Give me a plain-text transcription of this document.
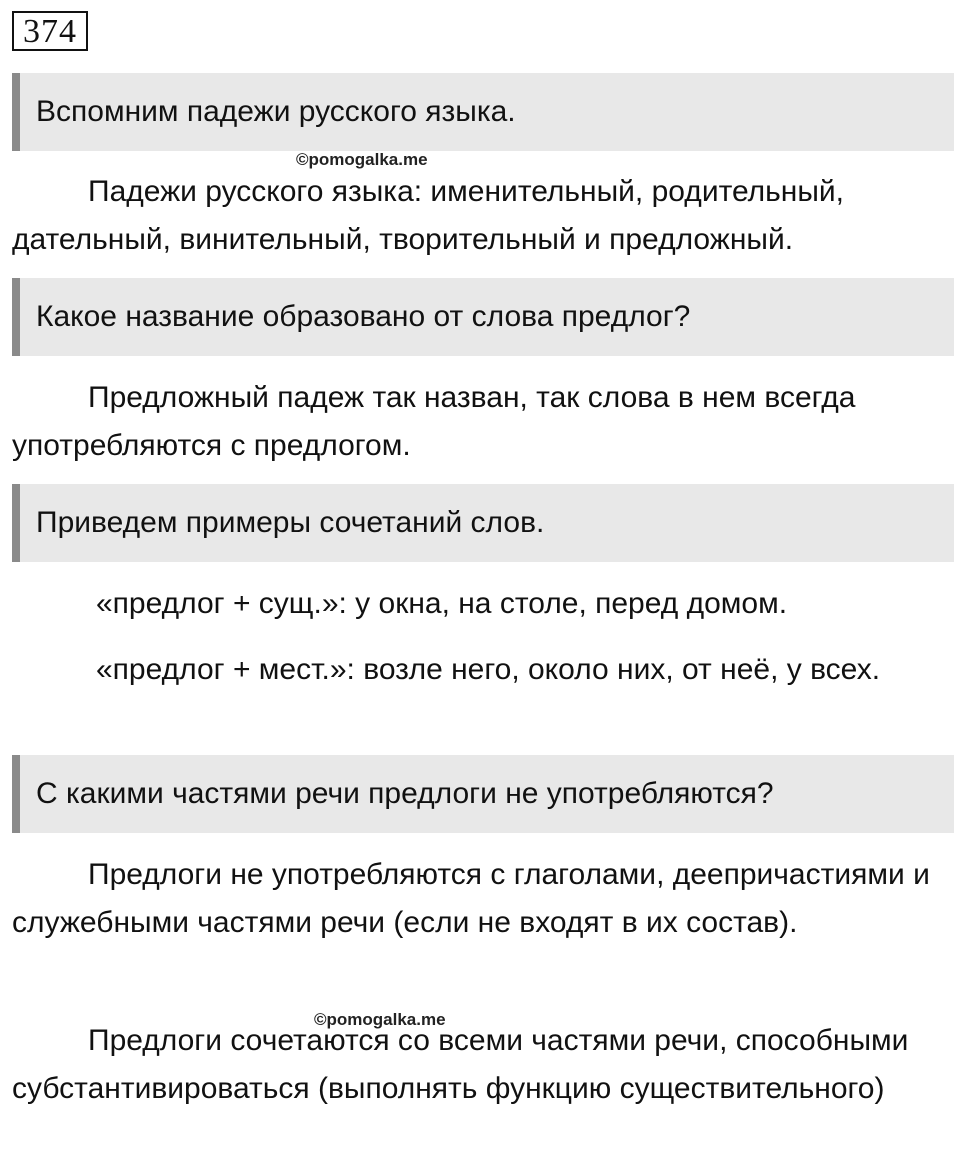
374
Вспомним падежи русского языка.
©pomogalka.me

Падежи русского языка: именительный, родительный, дательный, винительный, творительный и предложный.

Какое название образовано от слова предлог?

Предложный падеж так назван, так слова в нем всегда употребляются с предлогом.

Приведем примеры сочетаний слов.

«предлог + сущ.»: у окна, на столе, перед домом.

«предлог + мест.»: возле него, около них, от неё, у всех.

С какими частями речи предлоги не употребляются?

Предлоги не употребляются с глаголами, деепричастиями и служебными частями речи (если не входят в их состав).

©pomogalka.me

Предлоги сочетаются со всеми частями речи, способными субстантивироваться (выполнять функцию существительного)
